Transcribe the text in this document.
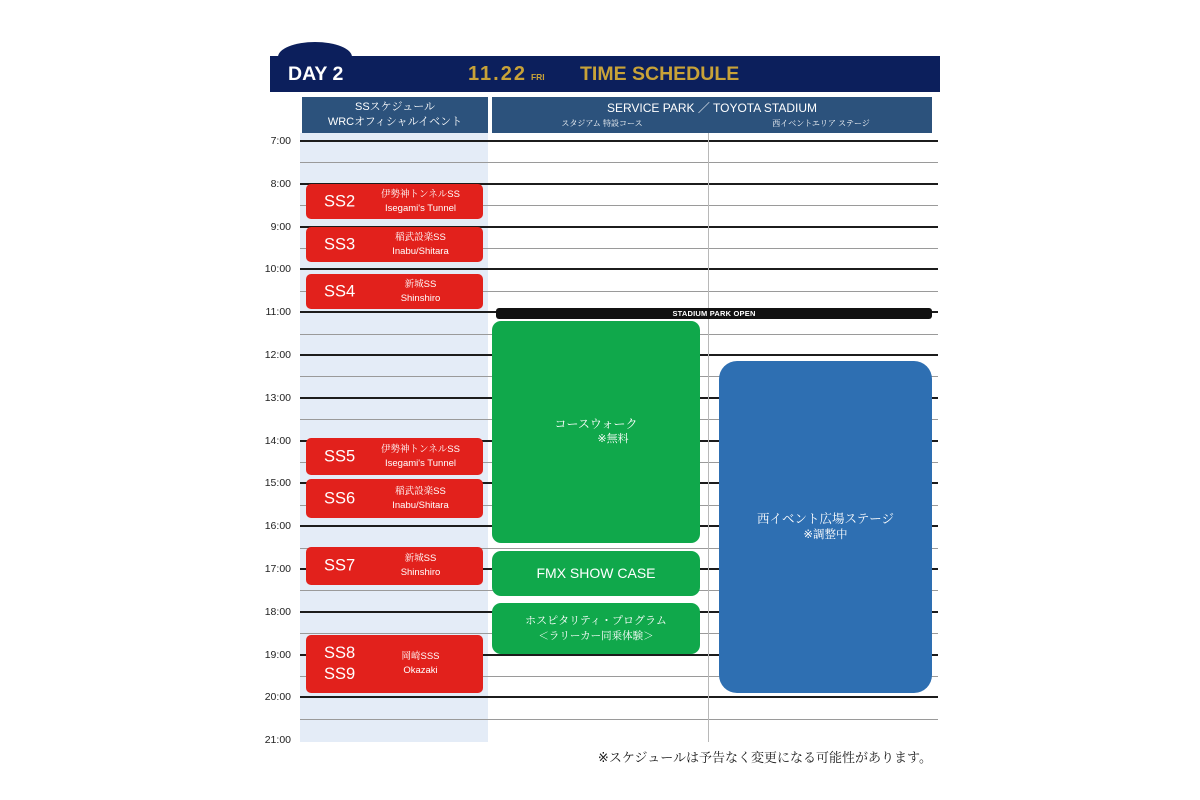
DAY 2	11.22 FRI TIME SCHEDULE
SSスケジュール
WRCオフィシャルイベント
SERVICE PARK ／ TOYOTA STADIUM
スタジアム 特設コース	西イベントエリア ステージ
7:00
8:00
9:00
10:00
11:00
12:00
13:00
14:00
15:00
16:00
17:00
18:00
19:00
20:00
21:00
SS2	伊勢神トンネルSS
Isegami's Tunnel
SS3	稲武設楽SS
Inabu/Shitara
SS4	新城SS
Shinshiro
SS5	伊勢神トンネルSS
Isegami's Tunnel
SS6	稲武設楽SS
Inabu/Shitara
SS7	新城SS
Shinshiro
SS8
SS9
岡崎SSS
Okazaki
STADIUM PARK OPEN
コースウォーク
※無料
FMX SHOW CASE
ホスピタリティ・プログラム
＜ラリーカー同乗体験＞
西イベント広場ステージ
※調整中
※スケジュールは予告なく変更になる可能性があります。
